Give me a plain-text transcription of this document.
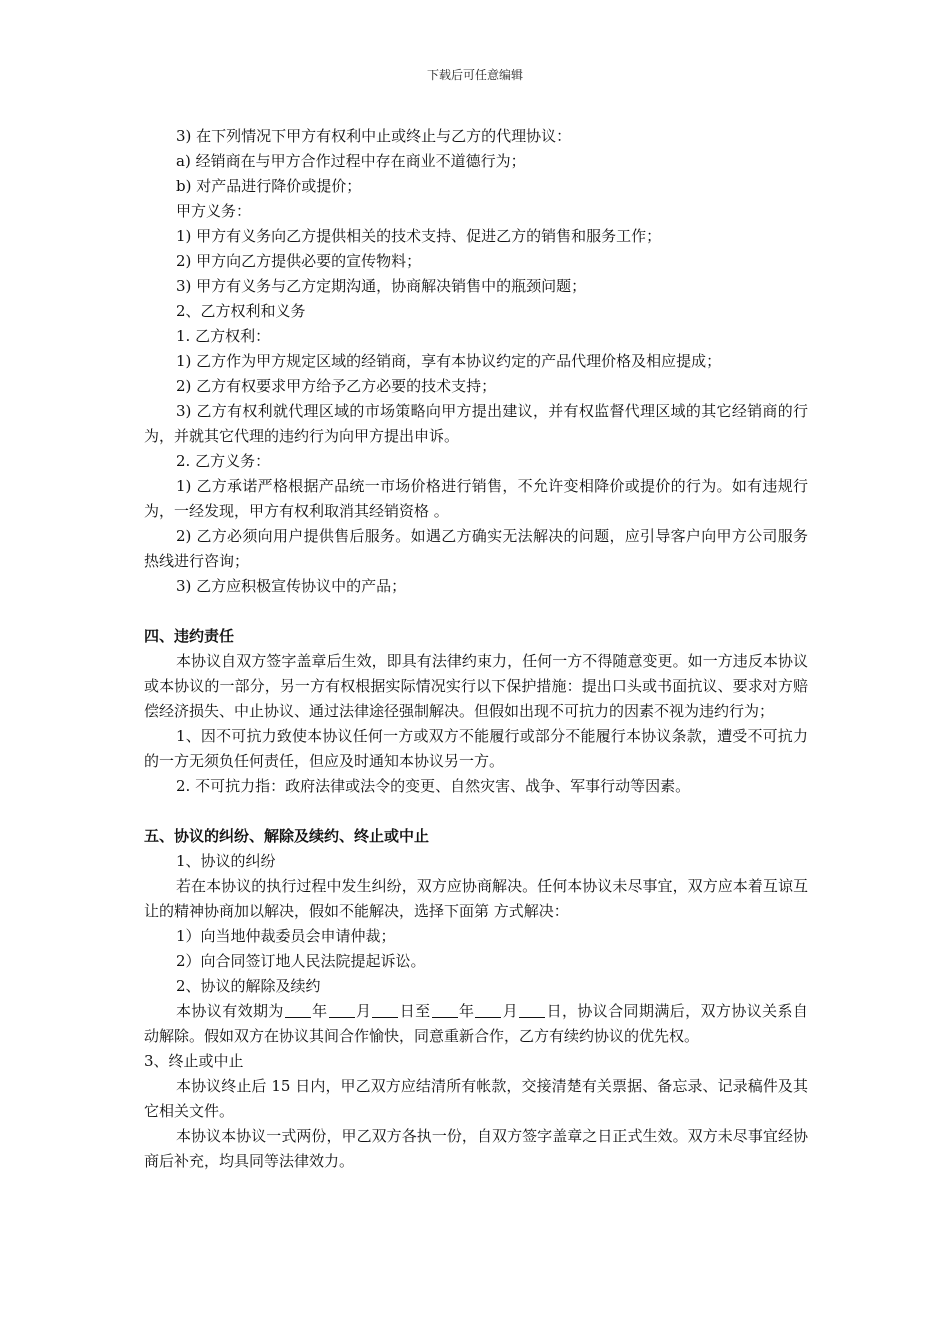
下载后可任意编辑

3) 在下列情况下甲方有权利中止或终止与乙方的代理协议：

a) 经销商在与甲方合作过程中存在商业不道德行为；

b) 对产品进行降价或提价；

甲方义务：

1) 甲方有义务向乙方提供相关的技术支持、促进乙方的销售和服务工作；

2) 甲方向乙方提供必要的宣传物料；

3) 甲方有义务与乙方定期沟通，协商解决销售中的瓶颈问题；

2、乙方权利和义务

1. 乙方权利：

1) 乙方作为甲方规定区域的经销商，享有本协议约定的产品代理价格及相应提成；

2) 乙方有权要求甲方给予乙方必要的技术支持；

3) 乙方有权利就代理区域的市场策略向甲方提出建议，并有权监督代理区域的其它经销商的行为，并就其它代理的违约行为向甲方提出申诉。

2. 乙方义务：

1) 乙方承诺严格根据产品统一市场价格进行销售，不允许变相降价或提价的行为。如有违规行为，一经发现，甲方有权利取消其经销资格 。

2) 乙方必须向用户提供售后服务。如遇乙方确实无法解决的问题，应引导客户向甲方公司服务热线进行咨询；

3) 乙方应积极宣传协议中的产品；

四、违约责任

本协议自双方签字盖章后生效，即具有法律约束力，任何一方不得随意变更。如一方违反本协议或本协议的一部分，另一方有权根据实际情况实行以下保护措施：提出口头或书面抗议、要求对方赔偿经济损失、中止协议、通过法律途径强制解决。但假如出现不可抗力的因素不视为违约行为；

1、因不可抗力致使本协议任何一方或双方不能履行或部分不能履行本协议条款，遭受不可抗力的一方无须负任何责任，但应及时通知本协议另一方。

2. 不可抗力指：政府法律或法令的变更、自然灾害、战争、军事行动等因素。

五、协议的纠纷、解除及续约、终止或中止

1、协议的纠纷

若在本协议的执行过程中发生纠纷，双方应协商解决。任何本协议未尽事宜，双方应本着互谅互让的精神协商加以解决，假如不能解决，选择下面第 方式解决：

1）向当地仲裁委员会申请仲裁；

2）向合同签订地人民法院提起诉讼。

2、协议的解除及续约

本协议有效期为 年 月 日至 年 月 日，协议合同期满后，双方协议关系自动解除。假如双方在协议其间合作愉快，同意重新合作，乙方有续约协议的优先权。

3、终止或中止

本协议终止后 15 日内，甲乙双方应结清所有帐款，交接清楚有关票据、备忘录、记录稿件及其它相关文件。

本协议本协议一式两份，甲乙双方各执一份，自双方签字盖章之日正式生效。双方未尽事宜经协商后补充，均具同等法律效力。
